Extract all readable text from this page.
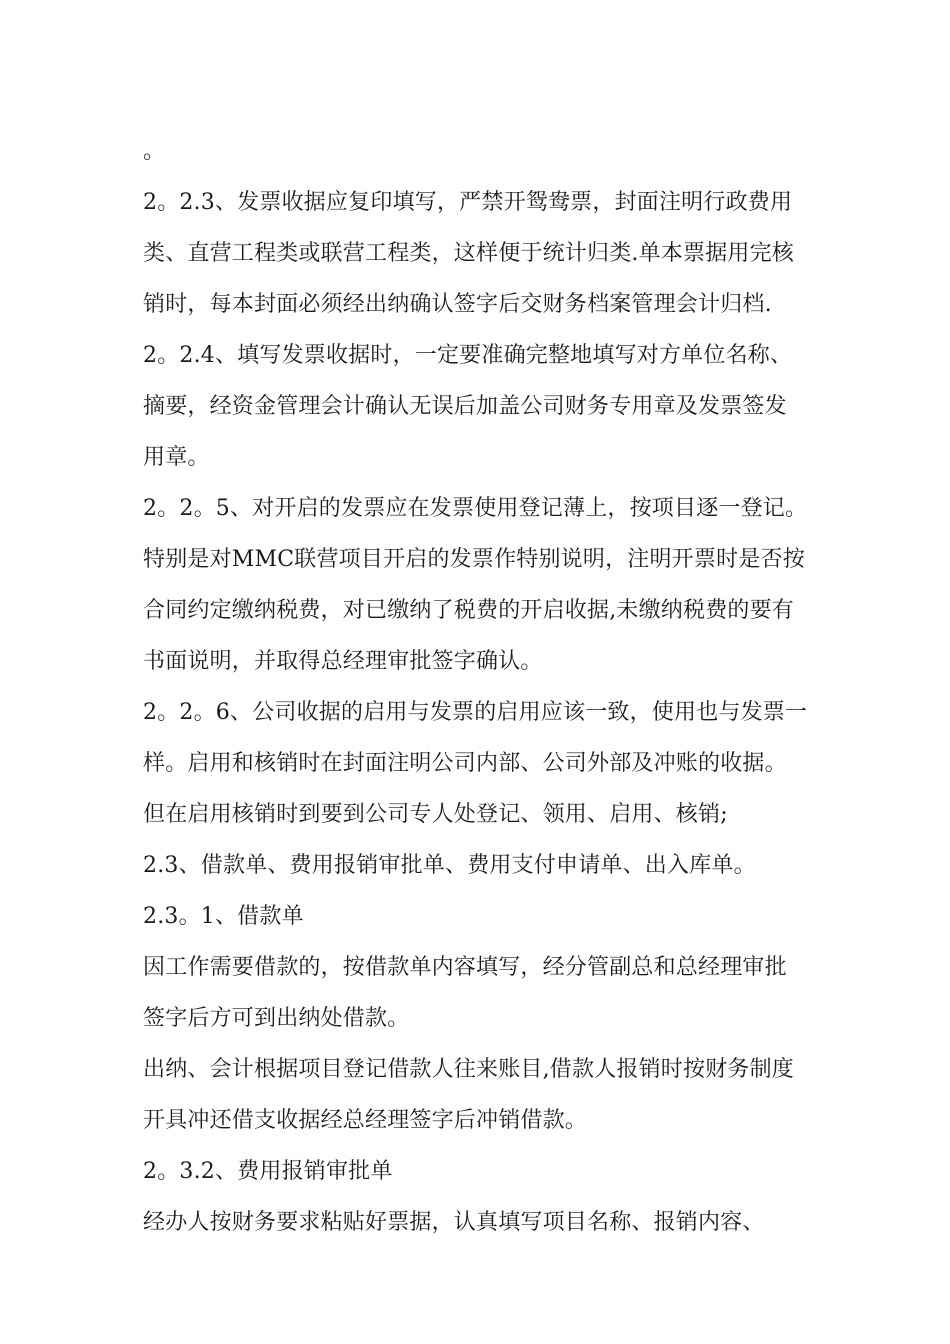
。
2。2.3、发票收据应复印填写，严禁开鸳鸯票，封面注明行政费用
类、直营工程类或联营工程类，这样便于统计归类.单本票据用完核
销时，每本封面必须经出纳确认签字后交财务档案管理会计归档.
2。2.4、填写发票收据时，一定要准确完整地填写对方单位名称、
摘要，经资金管理会计确认无误后加盖公司财务专用章及发票签发
用章。
2。2。5、对开启的发票应在发票使用登记薄上，按项目逐一登记。
特别是对MMC联营项目开启的发票作特别说明，注明开票时是否按
合同约定缴纳税费，对已缴纳了税费的开启收据,未缴纳税费的要有
书面说明，并取得总经理审批签字确认。
2。2。6、公司收据的启用与发票的启用应该一致，使用也与发票一
样。启用和核销时在封面注明公司内部、公司外部及冲账的收据。
但在启用核销时到要到公司专人处登记、领用、启用、核销;
2.3、借款单、费用报销审批单、费用支付申请单、出入库单。
2.3。1、借款单
因工作需要借款的，按借款单内容填写，经分管副总和总经理审批
签字后方可到出纳处借款。
出纳、会计根据项目登记借款人往来账目,借款人报销时按财务制度
开具冲还借支收据经总经理签字后冲销借款。
2。3.2、费用报销审批单
经办人按财务要求粘贴好票据，认真填写项目名称、报销内容、
